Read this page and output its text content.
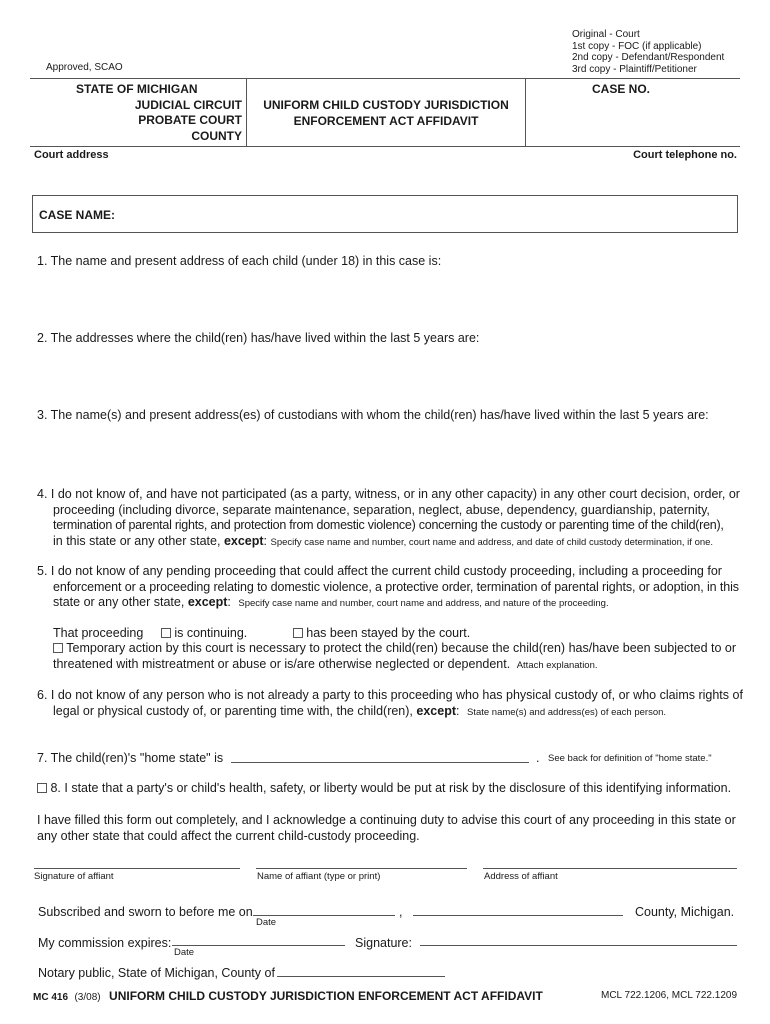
Original - Court
1st copy - FOC (if applicable)
2nd copy - Defendant/Respondent
3rd copy - Plaintiff/Petitioner
Approved, SCAO
STATE OF MICHIGAN
JUDICIAL CIRCUIT
PROBATE COURT
COUNTY
UNIFORM CHILD CUSTODY JURISDICTION
ENFORCEMENT ACT AFFIDAVIT
CASE NO.
Court address	Court telephone no.
CASE NAME:
1. The name and present address of each child (under 18) in this case is:
2. The addresses where the child(ren) has/have lived within the last 5 years are:
3. The name(s) and present address(es) of custodians with whom the child(ren) has/have lived within the last 5 years are:
4. I do not know of, and have not participated (as a party, witness, or in any other capacity) in any other court decision, order, or
proceeding (including divorce, separate maintenance, separation, neglect, abuse, dependency, guardianship, paternity,
termination of parental rights, and protection from domestic violence) concerning the custody or parenting time of the child(ren),
in this state or any other state, except: Specify case name and number, court name and address, and date of child custody determination, if one.
5. I do not know of any pending proceeding that could affect the current child custody proceeding, including a proceeding for
enforcement or a proceeding relating to domestic violence, a protective order, termination of parental rights, or adoption, in this
state or any other state, except: Specify case name and number, court name and address, and nature of the proceeding.
That proceeding is continuing.	has been stayed by the court.
Temporary action by this court is necessary to protect the child(ren) because the child(ren) has/have been subjected to or
threatened with mistreatment or abuse or is/are otherwise neglected or dependent. Attach explanation.
6. I do not know of any person who is not already a party to this proceeding who has physical custody of, or who claims rights of
legal or physical custody of, or parenting time with, the child(ren), except: State name(s) and address(es) of each person.
7. The child(ren)'s "home state" is	. See back for definition of "home state."
8. I state that a party's or child's health, safety, or liberty would be put at risk by the disclosure of this identifying information.
I have filled this form out completely, and I acknowledge a continuing duty to advise this court of any proceeding in this state or
any other state that could affect the current child-custody proceeding.
Signature of affiant	Name of affiant (type or print)	Address of affiant
Subscribed and sworn to before me on
Date
,	County, Michigan.
My commission expires:
Date
Signature:
Notary public, State of Michigan, County of
MC 416 (3/08) UNIFORM CHILD CUSTODY JURISDICTION ENFORCEMENT ACT AFFIDAVIT	MCL 722.1206, MCL 722.1209
